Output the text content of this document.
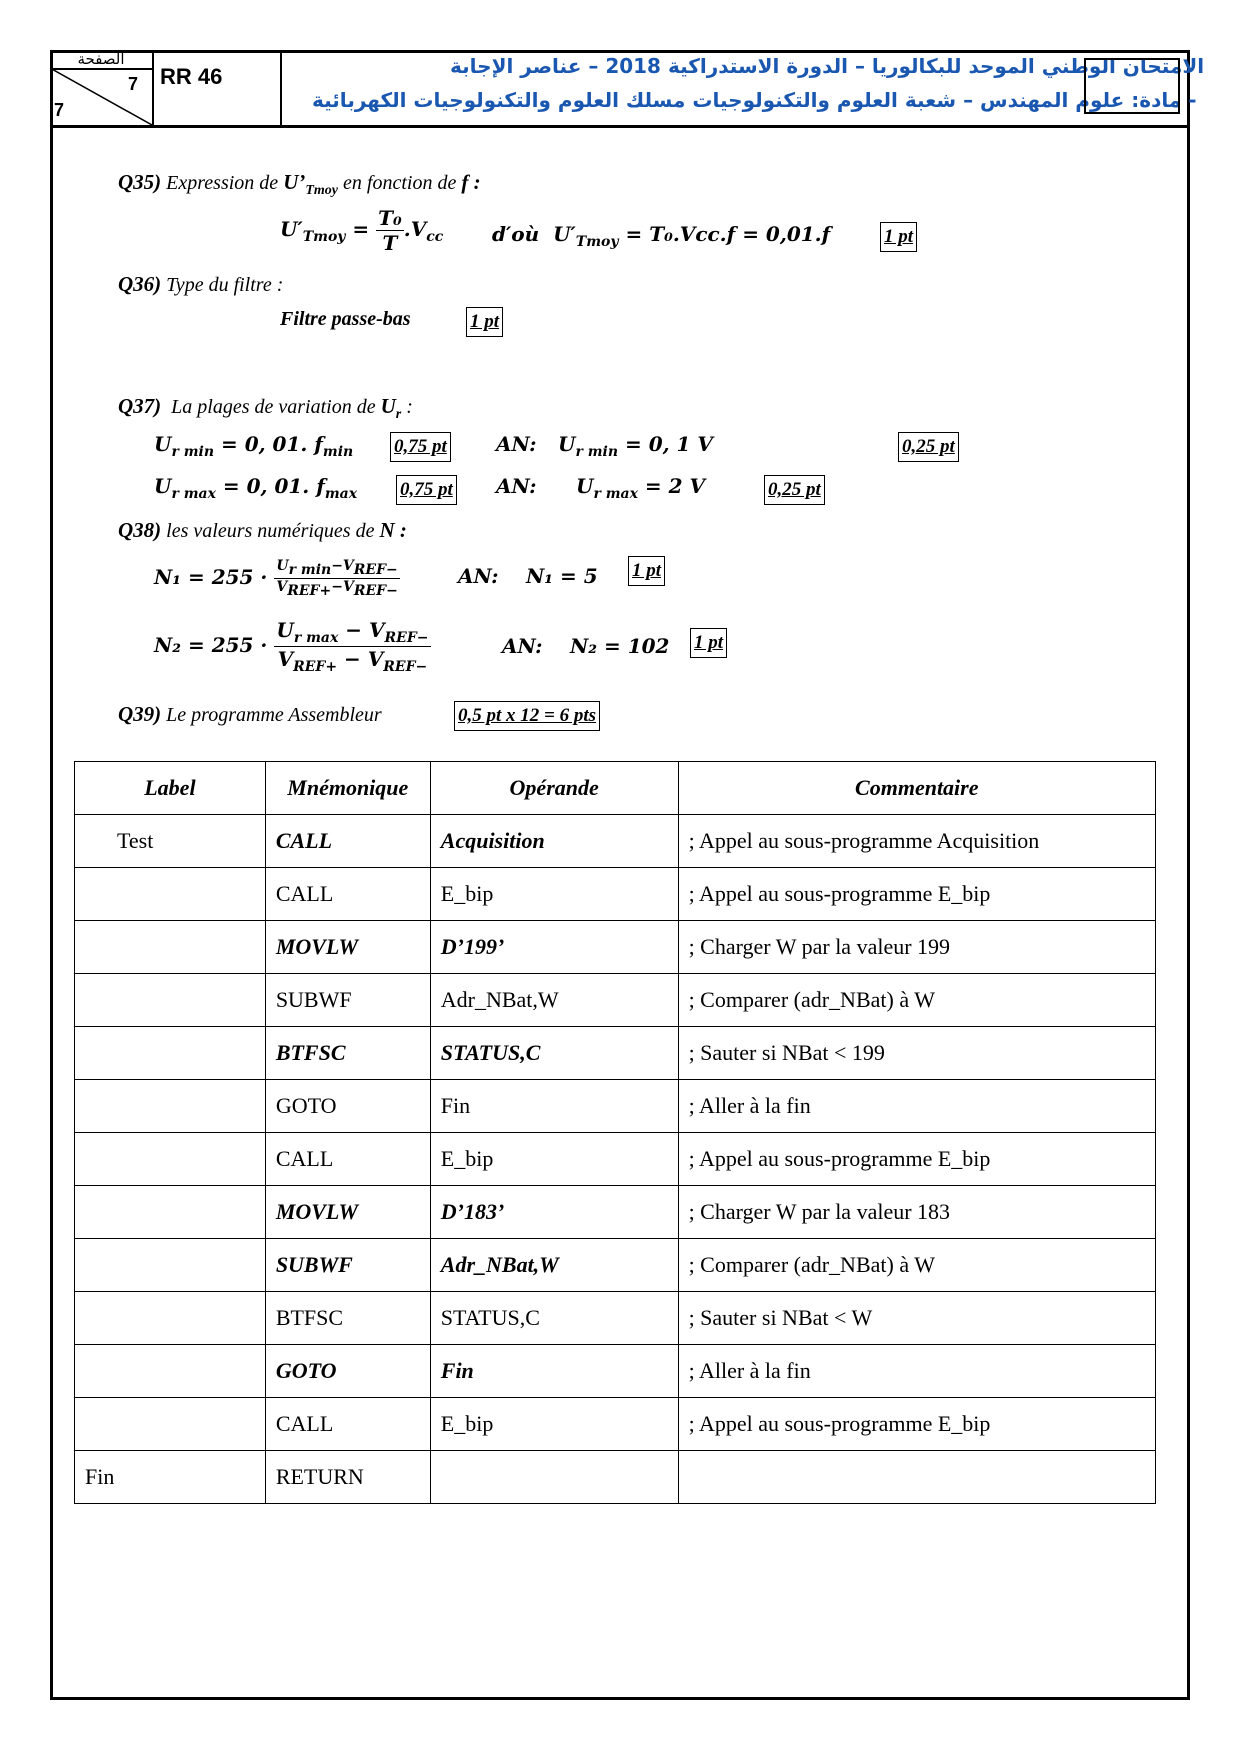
الصفحة
7
7
RR 46	الامتحان الوطني الموحد للبكالوريا – الدورة الاستدراكية 2018 – عناصر الإجابة
- مادة: علوم المهندس – شعبة العلوم والتكنولوجيات مسلك العلوم والتكنولوجيات الكهربائية
Q35) Expression de $U’_{Tmoy}$ en fonction de f :
$U'_{Tmoy} = \frac{\text{T₀}}{T} .V_{cc}$ d′où $U'_{Tmoy} = T_0.Vcc.f = 0,01.f$	1 pt
Q36) Type du filtre :
Filtre passe-bas	1 pt
Q37) La plages de variation de $U_r$ :
$U_{r min} = 0$, 01. $f_{min}$ 0,75 pt AN: $U_{r min} = 0$, 1 V	0,25 pt
$U_{r max} = 0$, 01. $f_{max}$ 0,75 pt AN: $U_{r max} = 2$ V	0,25 pt
Q38) les valeurs numériques de N :
$N_1 = 255 \cdot \frac{U_{r min}-V_{REF-}}{V_{REF+}-V_{REF-}}$	AN: N₁ = 5 1 pt
$N_2 = 255 \cdot \frac{U_{r max} - V_{REF-}}{V_{REF+} - V_{REF-}}$	AN: N₂ = 102 1 pt
Q39) Le programme Assembleur	0,5 pt x 12 = 6 pts
Label	Mnémonique	Opérande	Commentaire
Test	CALL	Acquisition	; Appel au sous-programme Acquisition
	CALL	E_bip	; Appel au sous-programme E_bip
	MOVLW	D’199’	; Charger W par la valeur 199
	SUBWF	Adr_NBat,W	; Comparer (adr_NBat) à W
	BTFSC	STATUS,C	; Sauter si NBat < 199
	GOTO	Fin	; Aller à la fin
	CALL	E_bip	; Appel au sous-programme E_bip
	MOVLW	D’183’	; Charger W par la valeur 183
	SUBWF	Adr_NBat,W	; Comparer (adr_NBat) à W
	BTFSC	STATUS,C	; Sauter si NBat < W
	GOTO	Fin	; Aller à la fin
	CALL	E_bip	; Appel au sous-programme E_bip
Fin	RETURN		
